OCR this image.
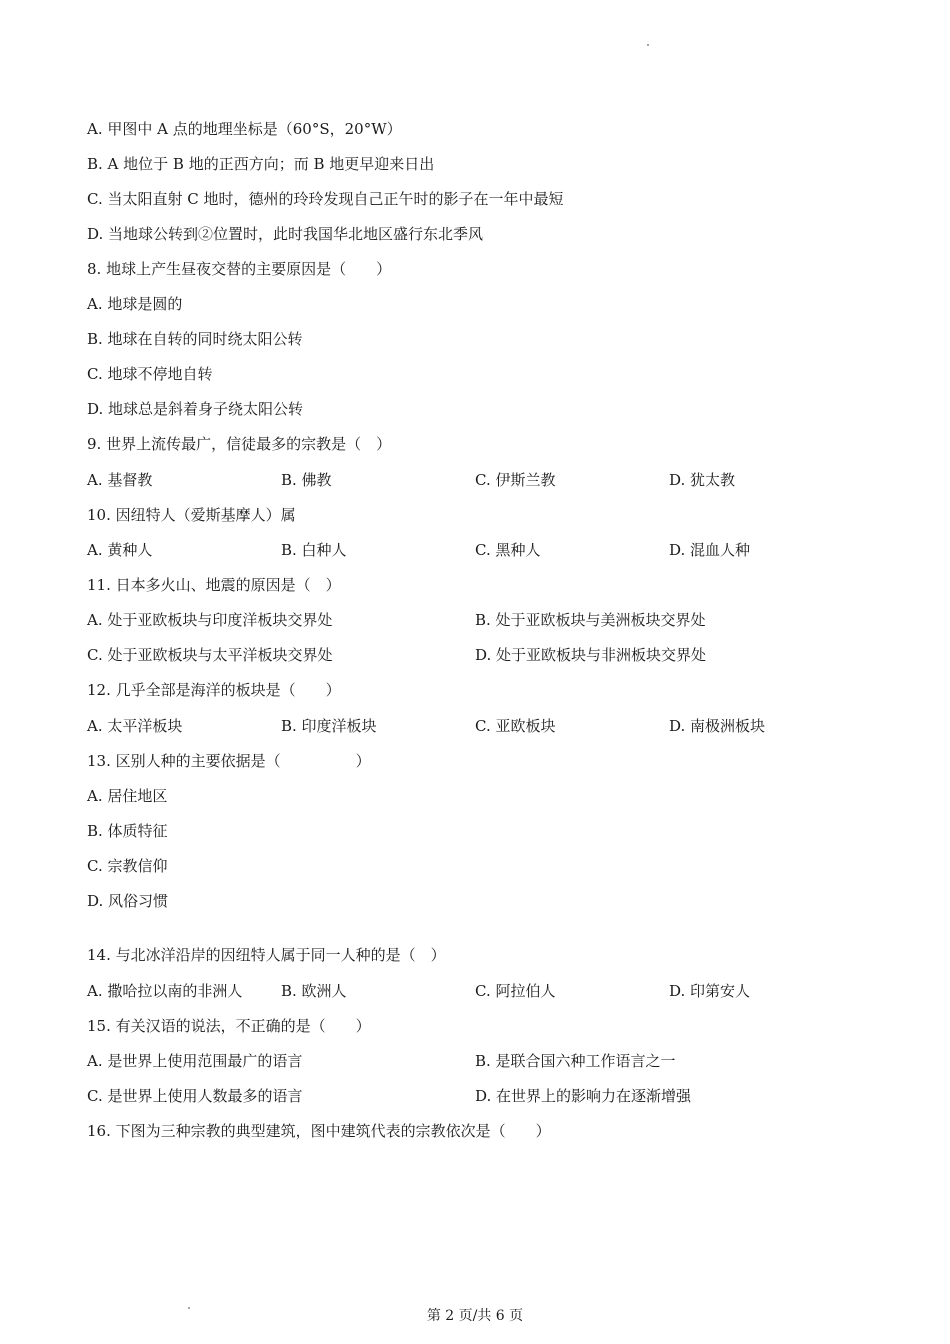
A. 甲图中 A 点的地理坐标是（60°S，20°W）
B. A 地位于 B 地的正西方向；而 B 地更早迎来日出
C. 当太阳直射 C 地时，德州的玲玲发现自己正午时的影子在一年中最短
D. 当地球公转到②位置时，此时我国华北地区盛行东北季风
8. 地球上产生昼夜交替的主要原因是（　　）
A. 地球是圆的
B. 地球在自转的同时绕太阳公转
C. 地球不停地自转
D. 地球总是斜着身子绕太阳公转
9. 世界上流传最广，信徒最多的宗教是（　）
A. 基督教	B. 佛教	C. 伊斯兰教	D. 犹太教
10. 因纽特人（爱斯基摩人）属
A. 黄种人	B. 白种人	C. 黑种人	D. 混血人种
11. 日本多火山、地震的原因是（　）
A. 处于亚欧板块与印度洋板块交界处	B. 处于亚欧板块与美洲板块交界处
C. 处于亚欧板块与太平洋板块交界处	D. 处于亚欧板块与非洲板块交界处
12. 几乎全部是海洋的板块是（　　）
A. 太平洋板块	B. 印度洋板块	C. 亚欧板块	D. 南极洲板块
13. 区别人种的主要依据是（　　　　　）
A. 居住地区
B. 体质特征
C. 宗教信仰
D. 风俗习惯
14. 与北冰洋沿岸的因纽特人属于同一人种的是（　）
A. 撒哈拉以南的非洲人	B. 欧洲人	C. 阿拉伯人	D. 印第安人
15. 有关汉语的说法，不正确的是（　　）
A. 是世界上使用范围最广的语言	B. 是联合国六种工作语言之一
C. 是世界上使用人数最多的语言	D. 在世界上的影响力在逐渐增强
16. 下图为三种宗教的典型建筑，图中建筑代表的宗教依次是（　　）
第 2 页/共 6 页
